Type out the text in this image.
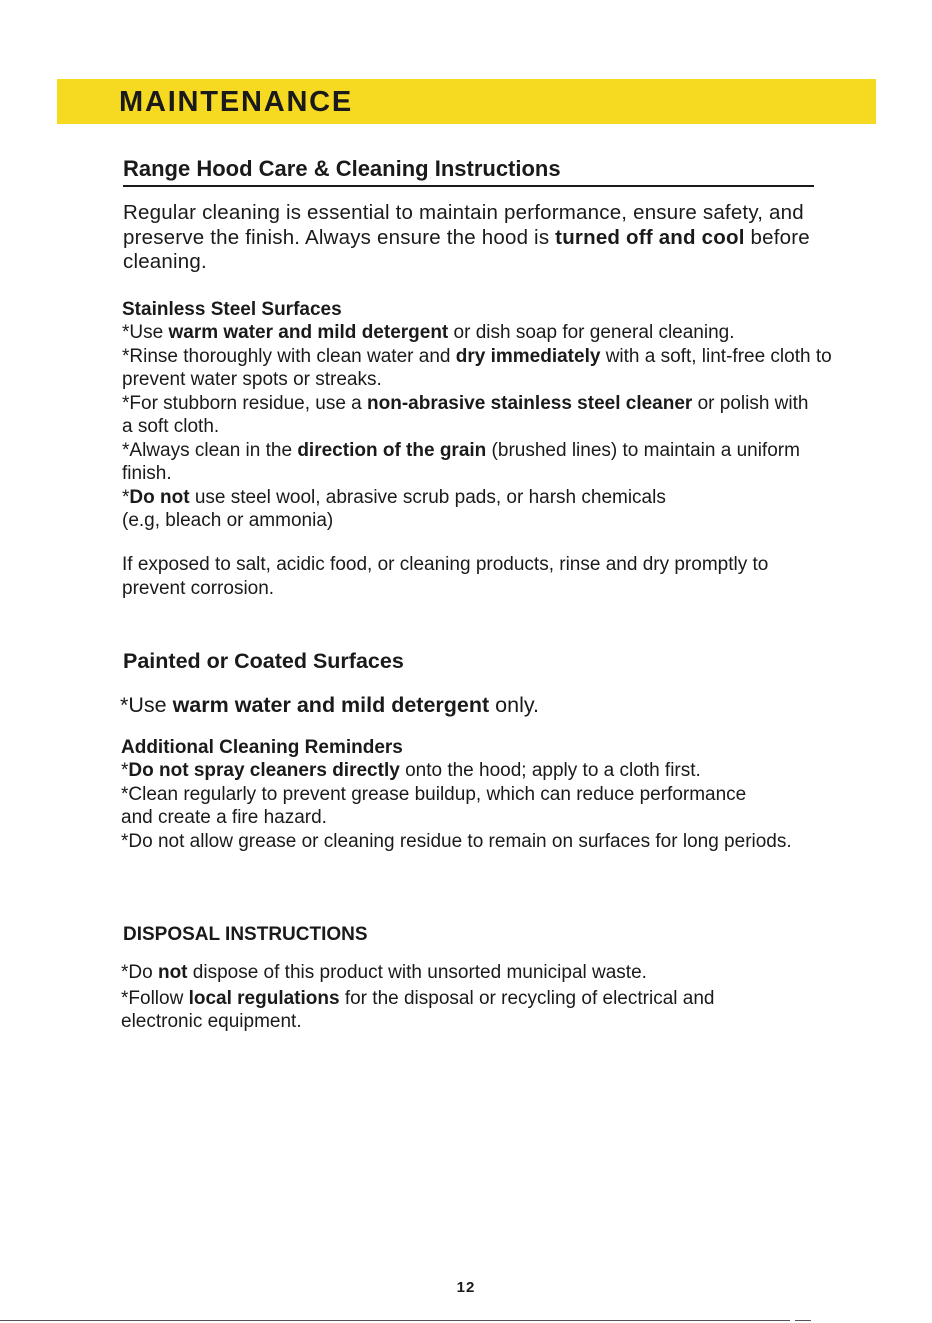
MAINTENANCE
Range Hood Care & Cleaning Instructions

Regular cleaning is essential to maintain performance, ensure safety, and preserve the finish. Always ensure the hood is turned off and cool before cleaning.

Stainless Steel Surfaces

*Use warm water and mild detergent or dish soap for general cleaning.

*Rinse thoroughly with clean water and dry immediately with a soft, lint-free cloth to prevent water spots or streaks.

*For stubborn residue, use a non-abrasive stainless steel cleaner or polish with a soft cloth.

*Always clean in the direction of the grain (brushed lines) to maintain a uniform finish.

*Do not use steel wool, abrasive scrub pads, or harsh chemicals
(e.g, bleach or ammonia)

If exposed to salt, acidic food, or cleaning products, rinse and dry promptly to prevent corrosion.

Painted or Coated Surfaces

*Use warm water and mild detergent only.

Additional Cleaning Reminders

*Do not spray cleaners directly onto the hood; apply to a cloth first.

*Clean regularly to prevent grease buildup, which can reduce performance and create a fire hazard.

*Do not allow grease or cleaning residue to remain on surfaces for long periods.

DISPOSAL INSTRUCTIONS

*Do not dispose of this product with unsorted municipal waste.

*Follow local regulations for the disposal or recycling of electrical and electronic equipment.

12
